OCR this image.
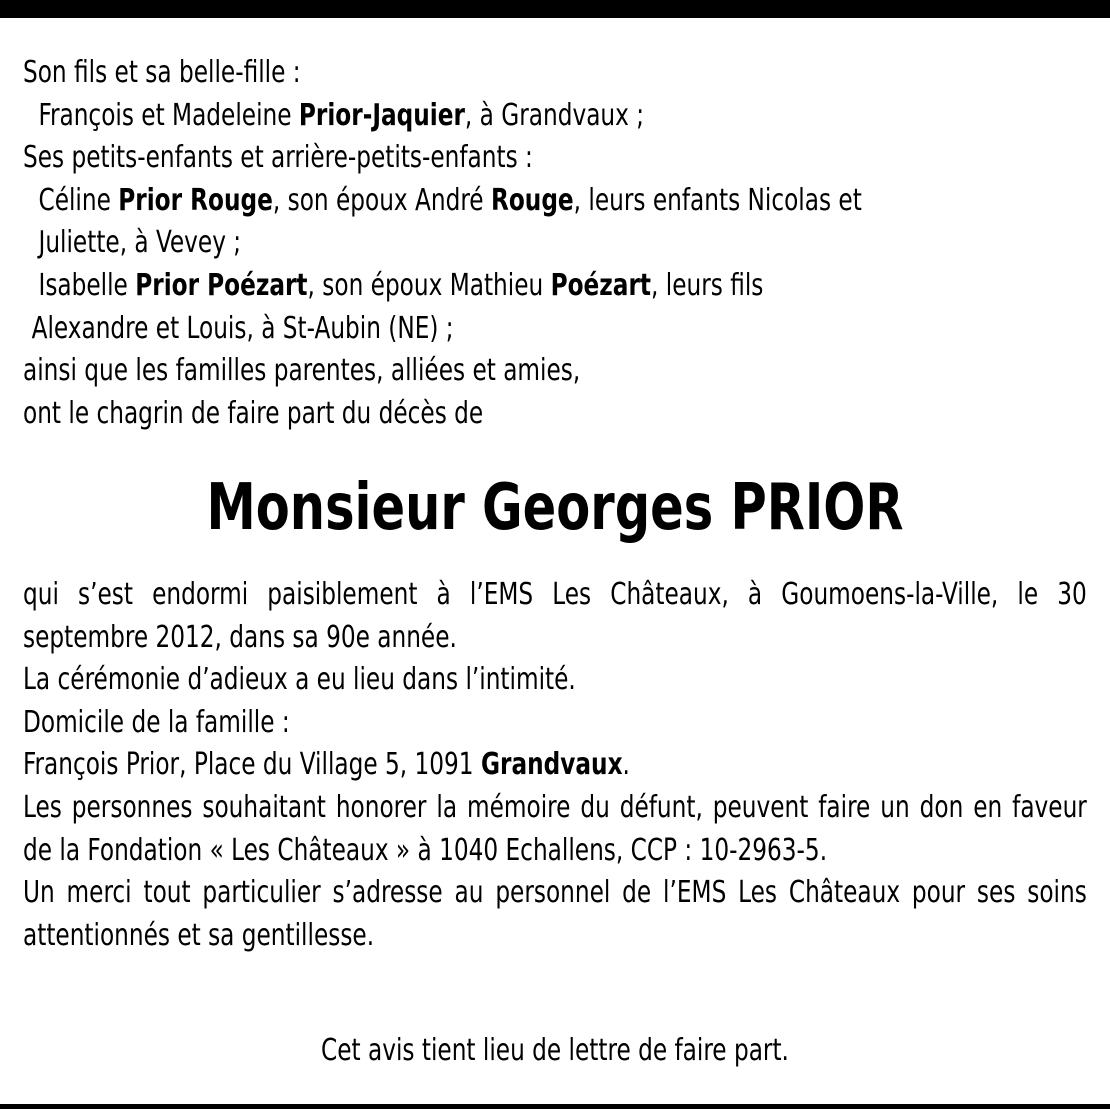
Son fils et sa belle-fille :
François et Madeleine Prior-Jaquier, à Grandvaux ;
Ses petits-enfants et arrière-petits-enfants :
Céline Prior Rouge, son époux André Rouge, leurs enfants Nicolas et
Juliette, à Vevey ;
Isabelle Prior Poézart, son époux Mathieu Poézart, leurs fils
Alexandre et Louis, à St-Aubin (NE) ;
ainsi que les familles parentes, alliées et amies,
ont le chagrin de faire part du décès de
Monsieur Georges PRIOR

qui s’est endormi paisiblement à l’EMS Les Châteaux, à Goumoens-la-Ville, le 30 septembre 2012, dans sa 90e année.

La cérémonie d’adieux a eu lieu dans l’intimité.

Domicile de la famille :

François Prior, Place du Village 5, 1091 Grandvaux.

Les personnes souhaitant honorer la mémoire du défunt, peuvent faire un don en faveur de la Fondation « Les Châteaux » à 1040 Echallens, CCP : 10-2963-5.

Un merci tout particulier s’adresse au personnel de l’EMS Les Châteaux pour ses soins attentionnés et sa gentillesse.

Cet avis tient lieu de lettre de faire part.
